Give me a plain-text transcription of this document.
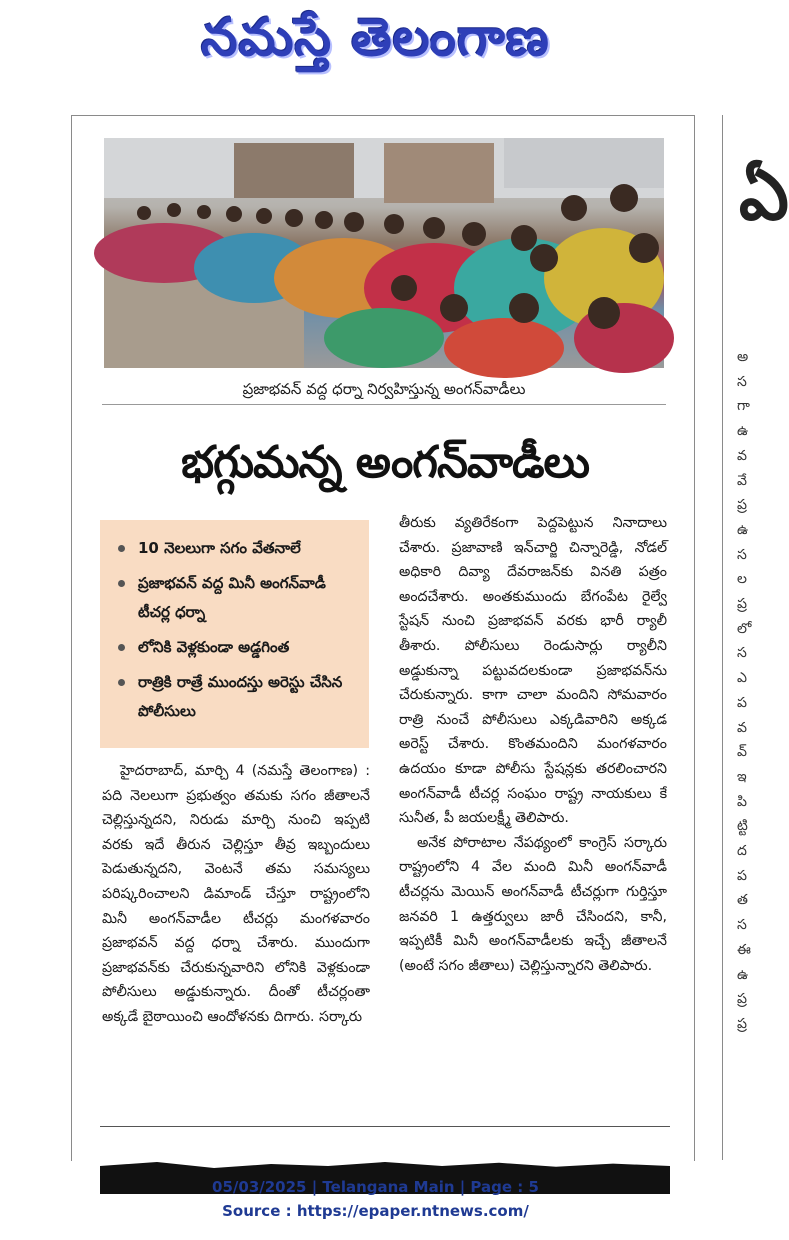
నమస్తే తెలంగాణ
ప్రజాభవన్ వద్ద ధర్నా నిర్వహిస్తున్న అంగన్‌వాడీలు
భగ్గుమన్న అంగన్‌వాడీలు
10 నెలలుగా సగం వేతనాలే
ప్రజాభవన్ వద్ద మినీ అంగన్‌వాడీ టీచర్ల ధర్నా
లోనికి వెళ్లకుండా అడ్డగింత
రాత్రికి రాత్రే ముందస్తు అరెస్టు చేసిన పోలీసులు

హైదరాబాద్, మార్చి 4 (నమస్తే తెలంగాణ) : పది నెలలుగా ప్రభుత్వం తమకు సగం జీతాలనే చెల్లిస్తున్నదని, నిరుడు మార్చి నుంచి ఇప్పటి వరకు ఇదే తీరున చెల్లిస్తూ తీవ్ర ఇబ్బందులు పెడుతున్నదని, వెంటనే తమ సమస్యలు పరిష్కరించాలని డిమాండ్ చేస్తూ రాష్ట్రంలోని మినీ అంగన్‌వాడీల టీచర్లు మంగళవారం ప్రజాభవన్ వద్ద ధర్నా చేశారు. ముందుగా ప్రజాభవన్‌కు చేరుకున్నవారిని లోనికి వెళ్లకుండా పోలీసులు అడ్డుకున్నారు. దీంతో టీచర్లంతా అక్కడే బైఠాయించి ఆందోళనకు దిగారు. సర్కారు

తీరుకు వ్యతిరేకంగా పెద్దపెట్టున నినాదాలు చేశారు. ప్రజావాణి ఇన్‌చార్జి చిన్నారెడ్డి, నోడల్ అధికారి దివ్యా దేవరాజన్‌కు వినతి పత్రం అందచేశారు. అంతకుముందు బేగంపేట రైల్వే స్టేషన్ నుంచి ప్రజాభవన్ వరకు భారీ ర్యాలీ తీశారు. పోలీసులు రెండుసార్లు ర్యాలీని అడ్డుకున్నా పట్టువదలకుండా ప్రజాభవన్‌ను చేరుకున్నారు. కాగా చాలా మందిని సోమవారం రాత్రి నుంచే పోలీసులు ఎక్కడివారిని అక్కడ అరెస్ట్ చేశారు. కొంతమందిని మంగళవారం ఉదయం కూడా పోలీసు స్టేషన్లకు తరలించారని అంగన్‌వాడీ టీచర్ల సంఘం రాష్ట్ర నాయకులు కే సునీత, పీ జయలక్ష్మీ తెలిపారు.

అనేక పోరాటాల నేపథ్యంలో కాంగ్రెస్ సర్కారు రాష్ట్రంలోని 4 వేల మంది మినీ అంగన్‌వాడీ టీచర్లను మెయిన్ అంగన్‌వాడీ టీచర్లుగా గుర్తిస్తూ జనవరి 1 ఉత్తర్వులు జారీ చేసిందని, కానీ, ఇప్పటికీ మినీ అంగన్‌వాడీలకు ఇచ్చే జీతాలనే (అంటే సగం జీతాలు) చెల్లిస్తున్నారని తెలిపారు.

ఏ
అ
స
గా
ఉ
వ
వే
ప్ర
ఉ
స
ల
ప్ర
లో
స
ఎ
ప
వ
వ్
ఇ
పి
ట్టి
ద
ప
త
స
ఈ
ఉ
ప్ర
ప్ర
05/03/2025 | Telangana Main | Page : 5
Source : https://epaper.ntnews.com/
